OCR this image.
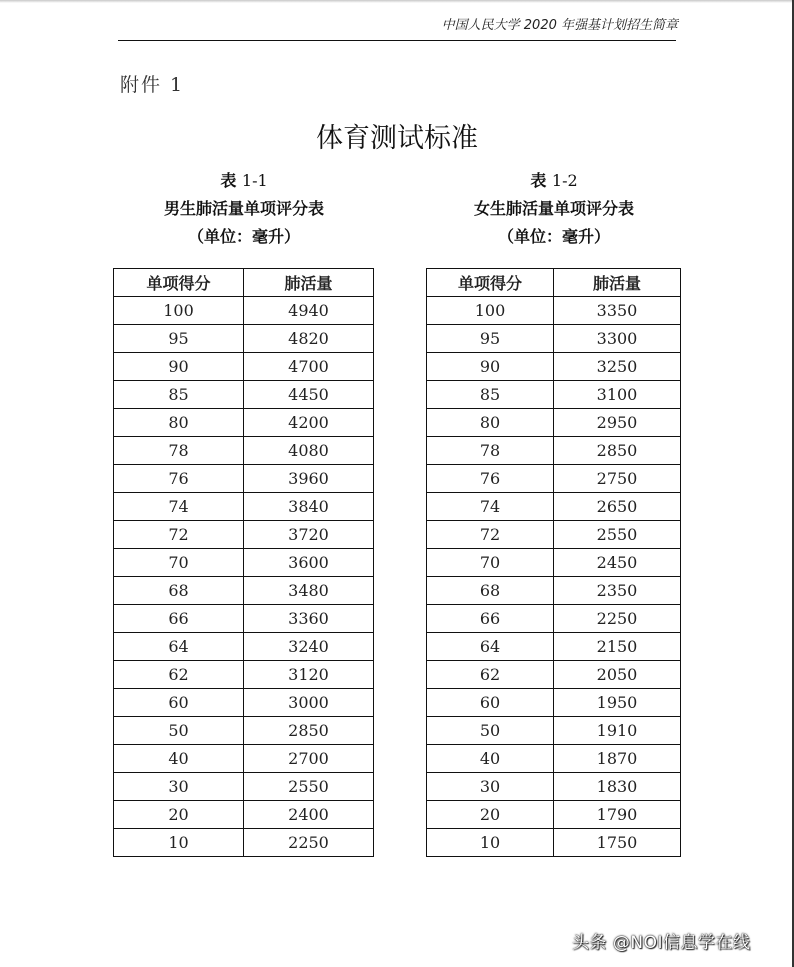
中国人民大学 2020 年强基计划招生简章
附件 1
体育测试标准
表 1-1
男生肺活量单项评分表
（单位：毫升）
表 1-2
女生肺活量单项评分表
（单位：毫升）
单项得分	肺活量
100	4940
95	4820
90	4700
85	4450
80	4200
78	4080
76	3960
74	3840
72	3720
70	3600
68	3480
66	3360
64	3240
62	3120
60	3000
50	2850
40	2700
30	2550
20	2400
10	2250
单项得分	肺活量
100	3350
95	3300
90	3250
85	3100
80	2950
78	2850
76	2750
74	2650
72	2550
70	2450
68	2350
66	2250
64	2150
62	2050
60	1950
50	1910
40	1870
30	1830
20	1790
10	1750
头条 @NOI信息学在线
